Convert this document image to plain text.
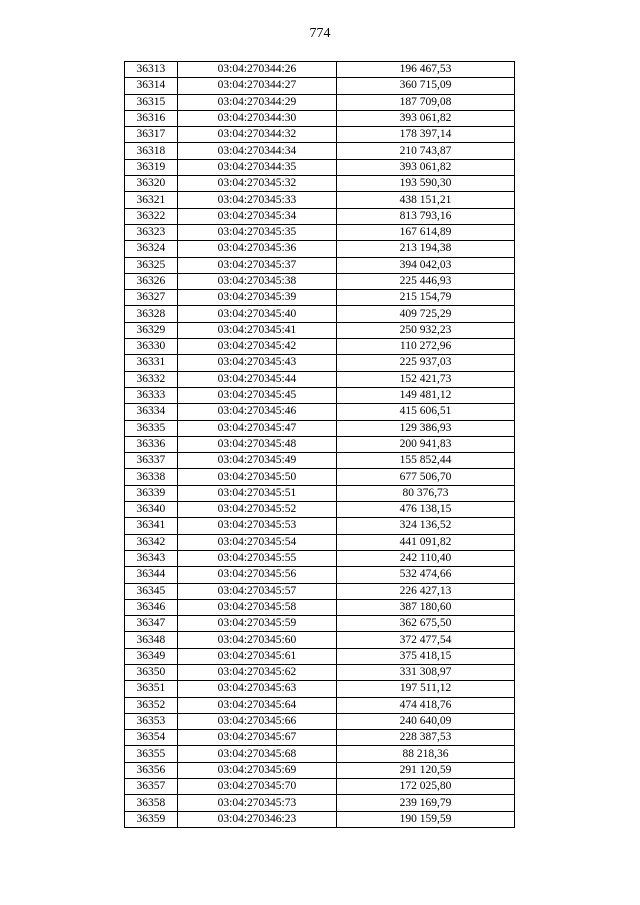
774
36313	03:04:270344:26	196 467,53
36314	03:04:270344:27	360 715,09
36315	03:04:270344:29	187 709,08
36316	03:04:270344:30	393 061,82
36317	03:04:270344:32	178 397,14
36318	03:04:270344:34	210 743,87
36319	03:04:270344:35	393 061,82
36320	03:04:270345:32	193 590,30
36321	03:04:270345:33	438 151,21
36322	03:04:270345:34	813 793,16
36323	03:04:270345:35	167 614,89
36324	03:04:270345:36	213 194,38
36325	03:04:270345:37	394 042,03
36326	03:04:270345:38	225 446,93
36327	03:04:270345:39	215 154,79
36328	03:04:270345:40	409 725,29
36329	03:04:270345:41	250 932,23
36330	03:04:270345:42	110 272,96
36331	03:04:270345:43	225 937,03
36332	03:04:270345:44	152 421,73
36333	03:04:270345:45	149 481,12
36334	03:04:270345:46	415 606,51
36335	03:04:270345:47	129 386,93
36336	03:04:270345:48	200 941,83
36337	03:04:270345:49	155 852,44
36338	03:04:270345:50	677 506,70
36339	03:04:270345:51	80 376,73
36340	03:04:270345:52	476 138,15
36341	03:04:270345:53	324 136,52
36342	03:04:270345:54	441 091,82
36343	03:04:270345:55	242 110,40
36344	03:04:270345:56	532 474,66
36345	03:04:270345:57	226 427,13
36346	03:04:270345:58	387 180,60
36347	03:04:270345:59	362 675,50
36348	03:04:270345:60	372 477,54
36349	03:04:270345:61	375 418,15
36350	03:04:270345:62	331 308,97
36351	03:04:270345:63	197 511,12
36352	03:04:270345:64	474 418,76
36353	03:04:270345:66	240 640,09
36354	03:04:270345:67	228 387,53
36355	03:04:270345:68	88 218,36
36356	03:04:270345:69	291 120,59
36357	03:04:270345:70	172 025,80
36358	03:04:270345:73	239 169,79
36359	03:04:270346:23	190 159,59
